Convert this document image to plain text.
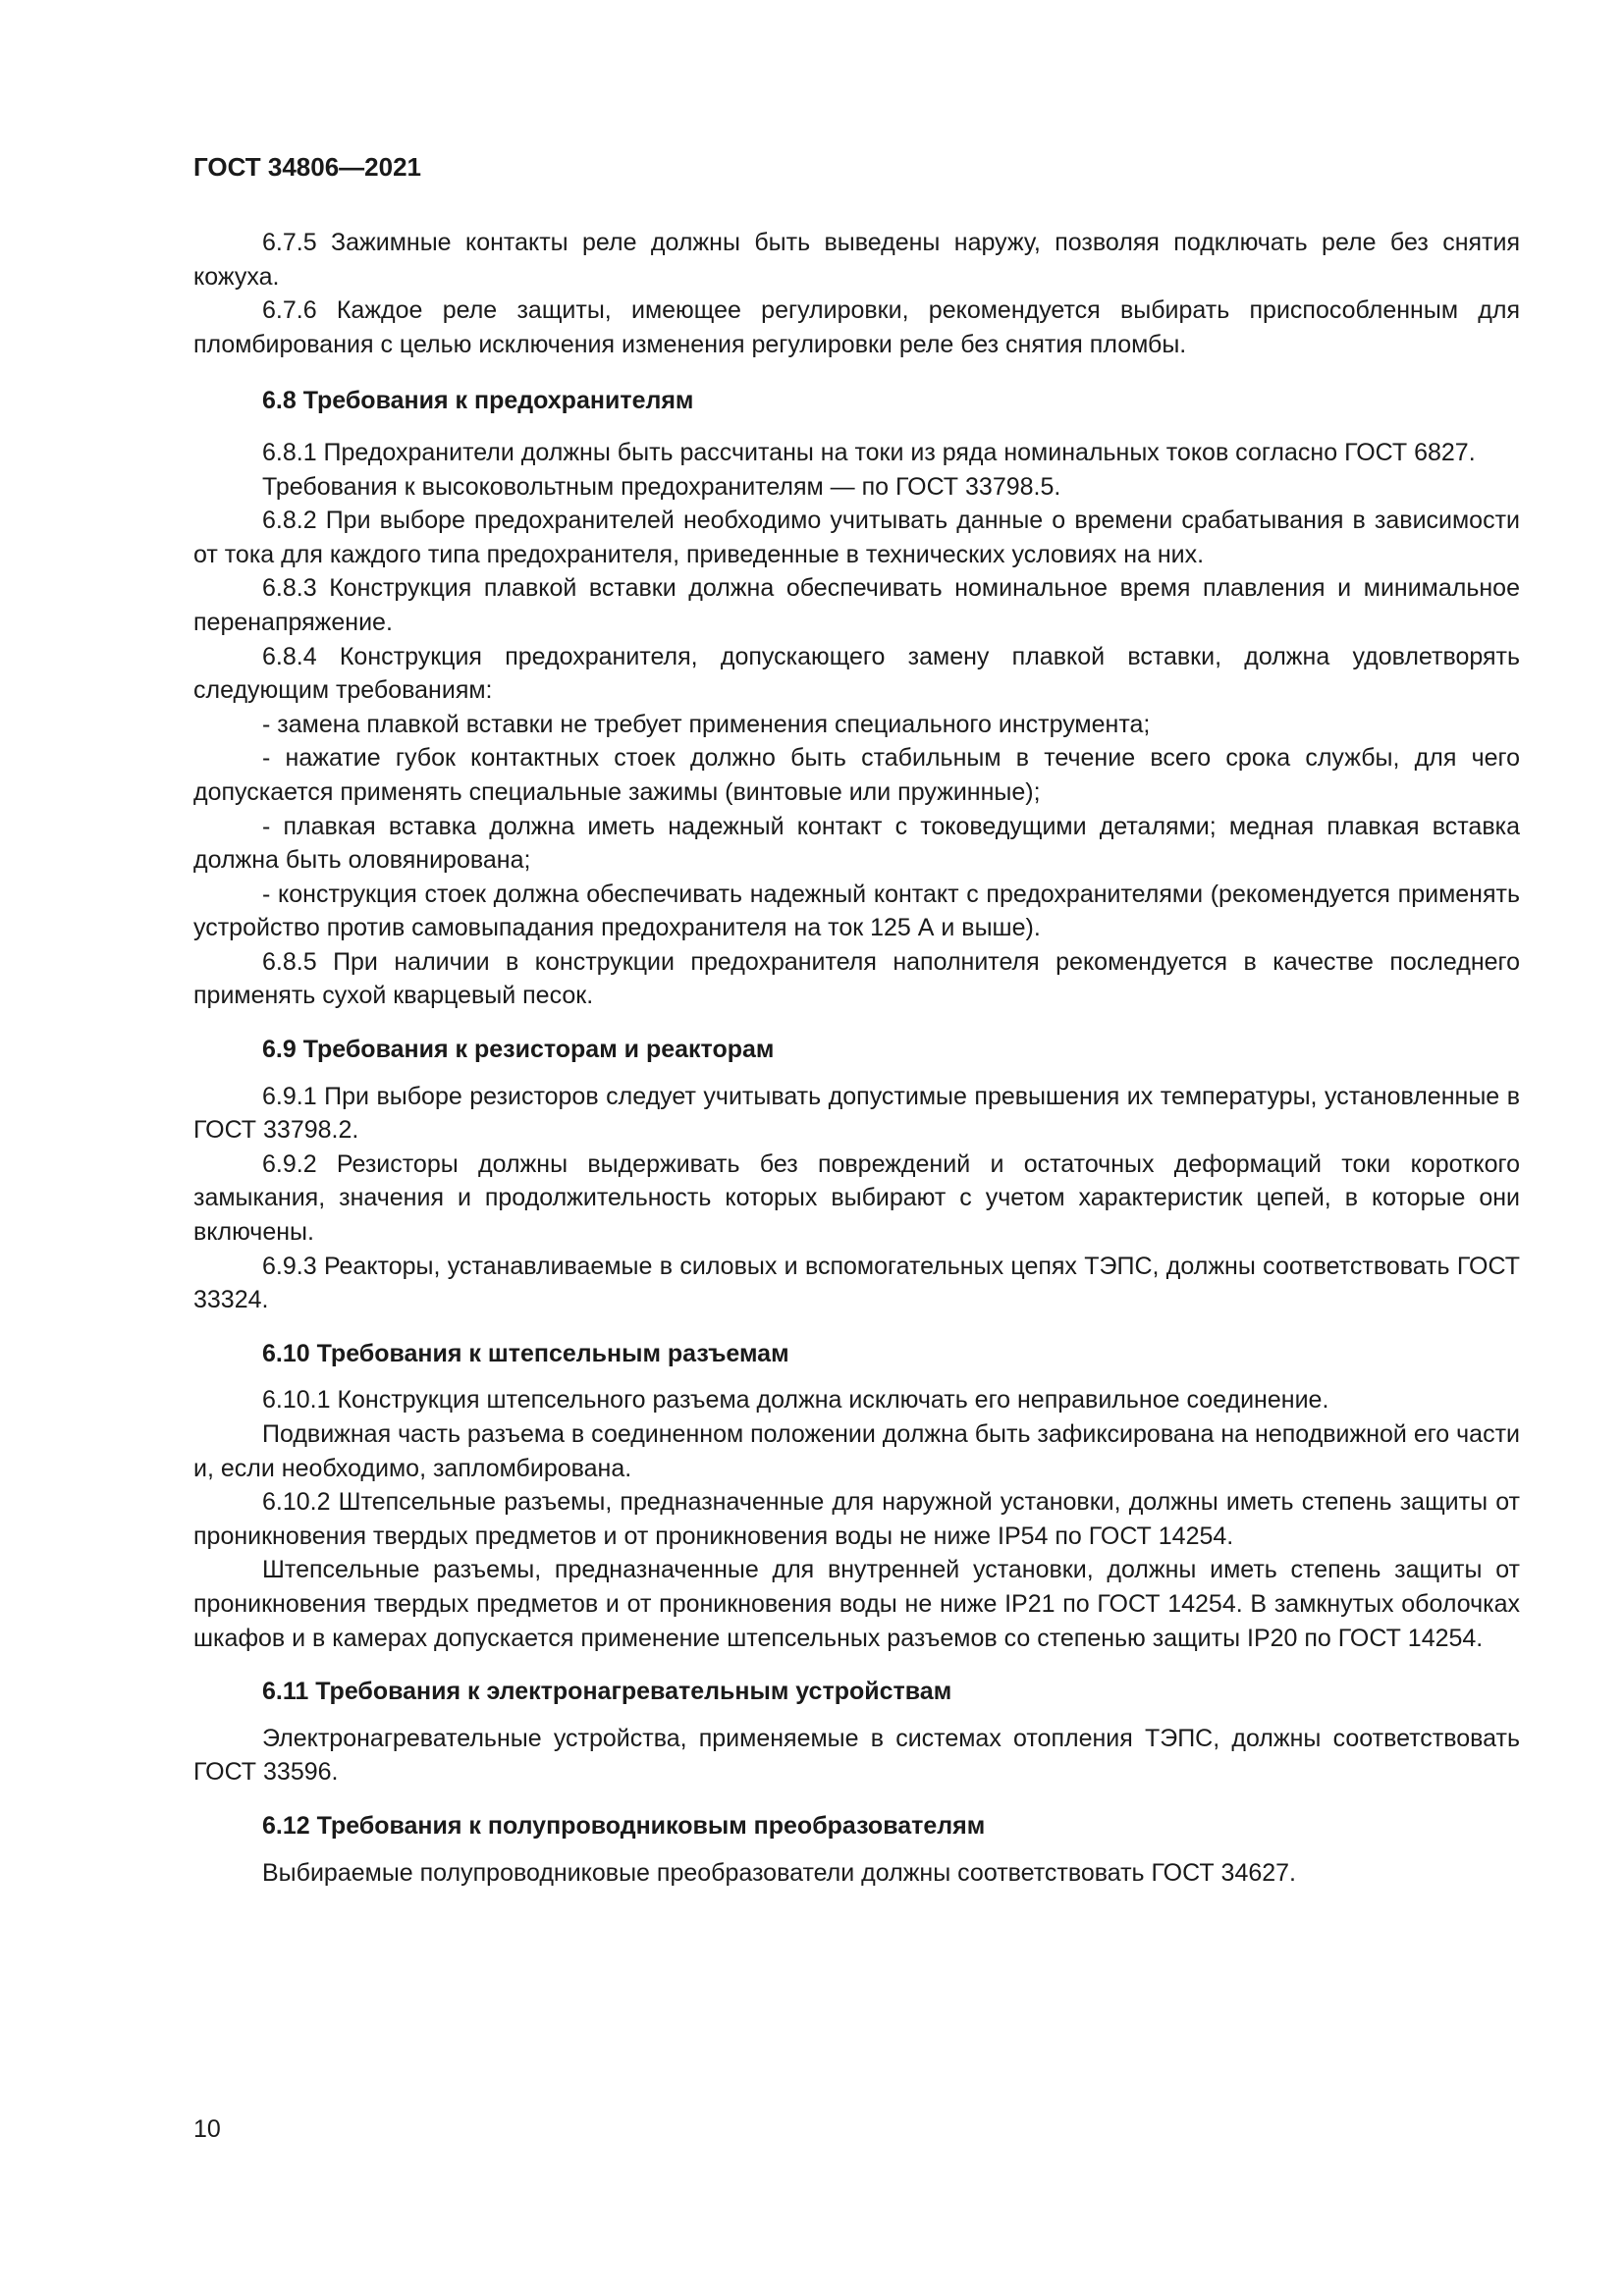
ГОСТ 34806—2021

6.7.5 Зажимные контакты реле должны быть выведены наружу, позволяя подключать реле без снятия кожуха.

6.7.6 Каждое реле защиты, имеющее регулировки, рекомендуется выбирать приспособленным для пломбирования с целью исключения изменения регулировки реле без снятия пломбы.

6.8 Требования к предохранителям

6.8.1 Предохранители должны быть рассчитаны на токи из ряда номинальных токов согласно ГОСТ 6827.

Требования к высоковольтным предохранителям — по ГОСТ 33798.5.

6.8.2 При выборе предохранителей необходимо учитывать данные о времени срабатывания в зависимости от тока для каждого типа предохранителя, приведенные в технических условиях на них.

6.8.3 Конструкция плавкой вставки должна обеспечивать номинальное время плавления и минимальное перенапряжение.

6.8.4 Конструкция предохранителя, допускающего замену плавкой вставки, должна удовлетворять следующим требованиям:

- замена плавкой вставки не требует применения специального инструмента;

- нажатие губок контактных стоек должно быть стабильным в течение всего срока службы, для чего допускается применять специальные зажимы (винтовые или пружинные);

- плавкая вставка должна иметь надежный контакт с токоведущими деталями; медная плавкая вставка должна быть оловянирована;

- конструкция стоек должна обеспечивать надежный контакт с предохранителями (рекомендуется применять устройство против самовыпадания предохранителя на ток 125 А и выше).

6.8.5 При наличии в конструкции предохранителя наполнителя рекомендуется в качестве последнего применять сухой кварцевый песок.

6.9 Требования к резисторам и реакторам

6.9.1 При выборе резисторов следует учитывать допустимые превышения их температуры, установленные в ГОСТ 33798.2.

6.9.2 Резисторы должны выдерживать без повреждений и остаточных деформаций токи короткого замыкания, значения и продолжительность которых выбирают с учетом характеристик цепей, в которые они включены.

6.9.3 Реакторы, устанавливаемые в силовых и вспомогательных цепях ТЭПС, должны соответствовать ГОСТ 33324.

6.10 Требования к штепсельным разъемам

6.10.1 Конструкция штепсельного разъема должна исключать его неправильное соединение.

Подвижная часть разъема в соединенном положении должна быть зафиксирована на неподвижной его части и, если необходимо, запломбирована.

6.10.2 Штепсельные разъемы, предназначенные для наружной установки, должны иметь степень защиты от проникновения твердых предметов и от проникновения воды не ниже IP54 по ГОСТ 14254.

Штепсельные разъемы, предназначенные для внутренней установки, должны иметь степень защиты от проникновения твердых предметов и от проникновения воды не ниже IP21 по ГОСТ 14254. В замкнутых оболочках шкафов и в камерах допускается применение штепсельных разъемов со степенью защиты IP20 по ГОСТ 14254.

6.11 Требования к электронагревательным устройствам

Электронагревательные устройства, применяемые в системах отопления ТЭПС, должны соответствовать ГОСТ 33596.

6.12 Требования к полупроводниковым преобразователям

Выбираемые полупроводниковые преобразователи должны соответствовать ГОСТ 34627.

10
